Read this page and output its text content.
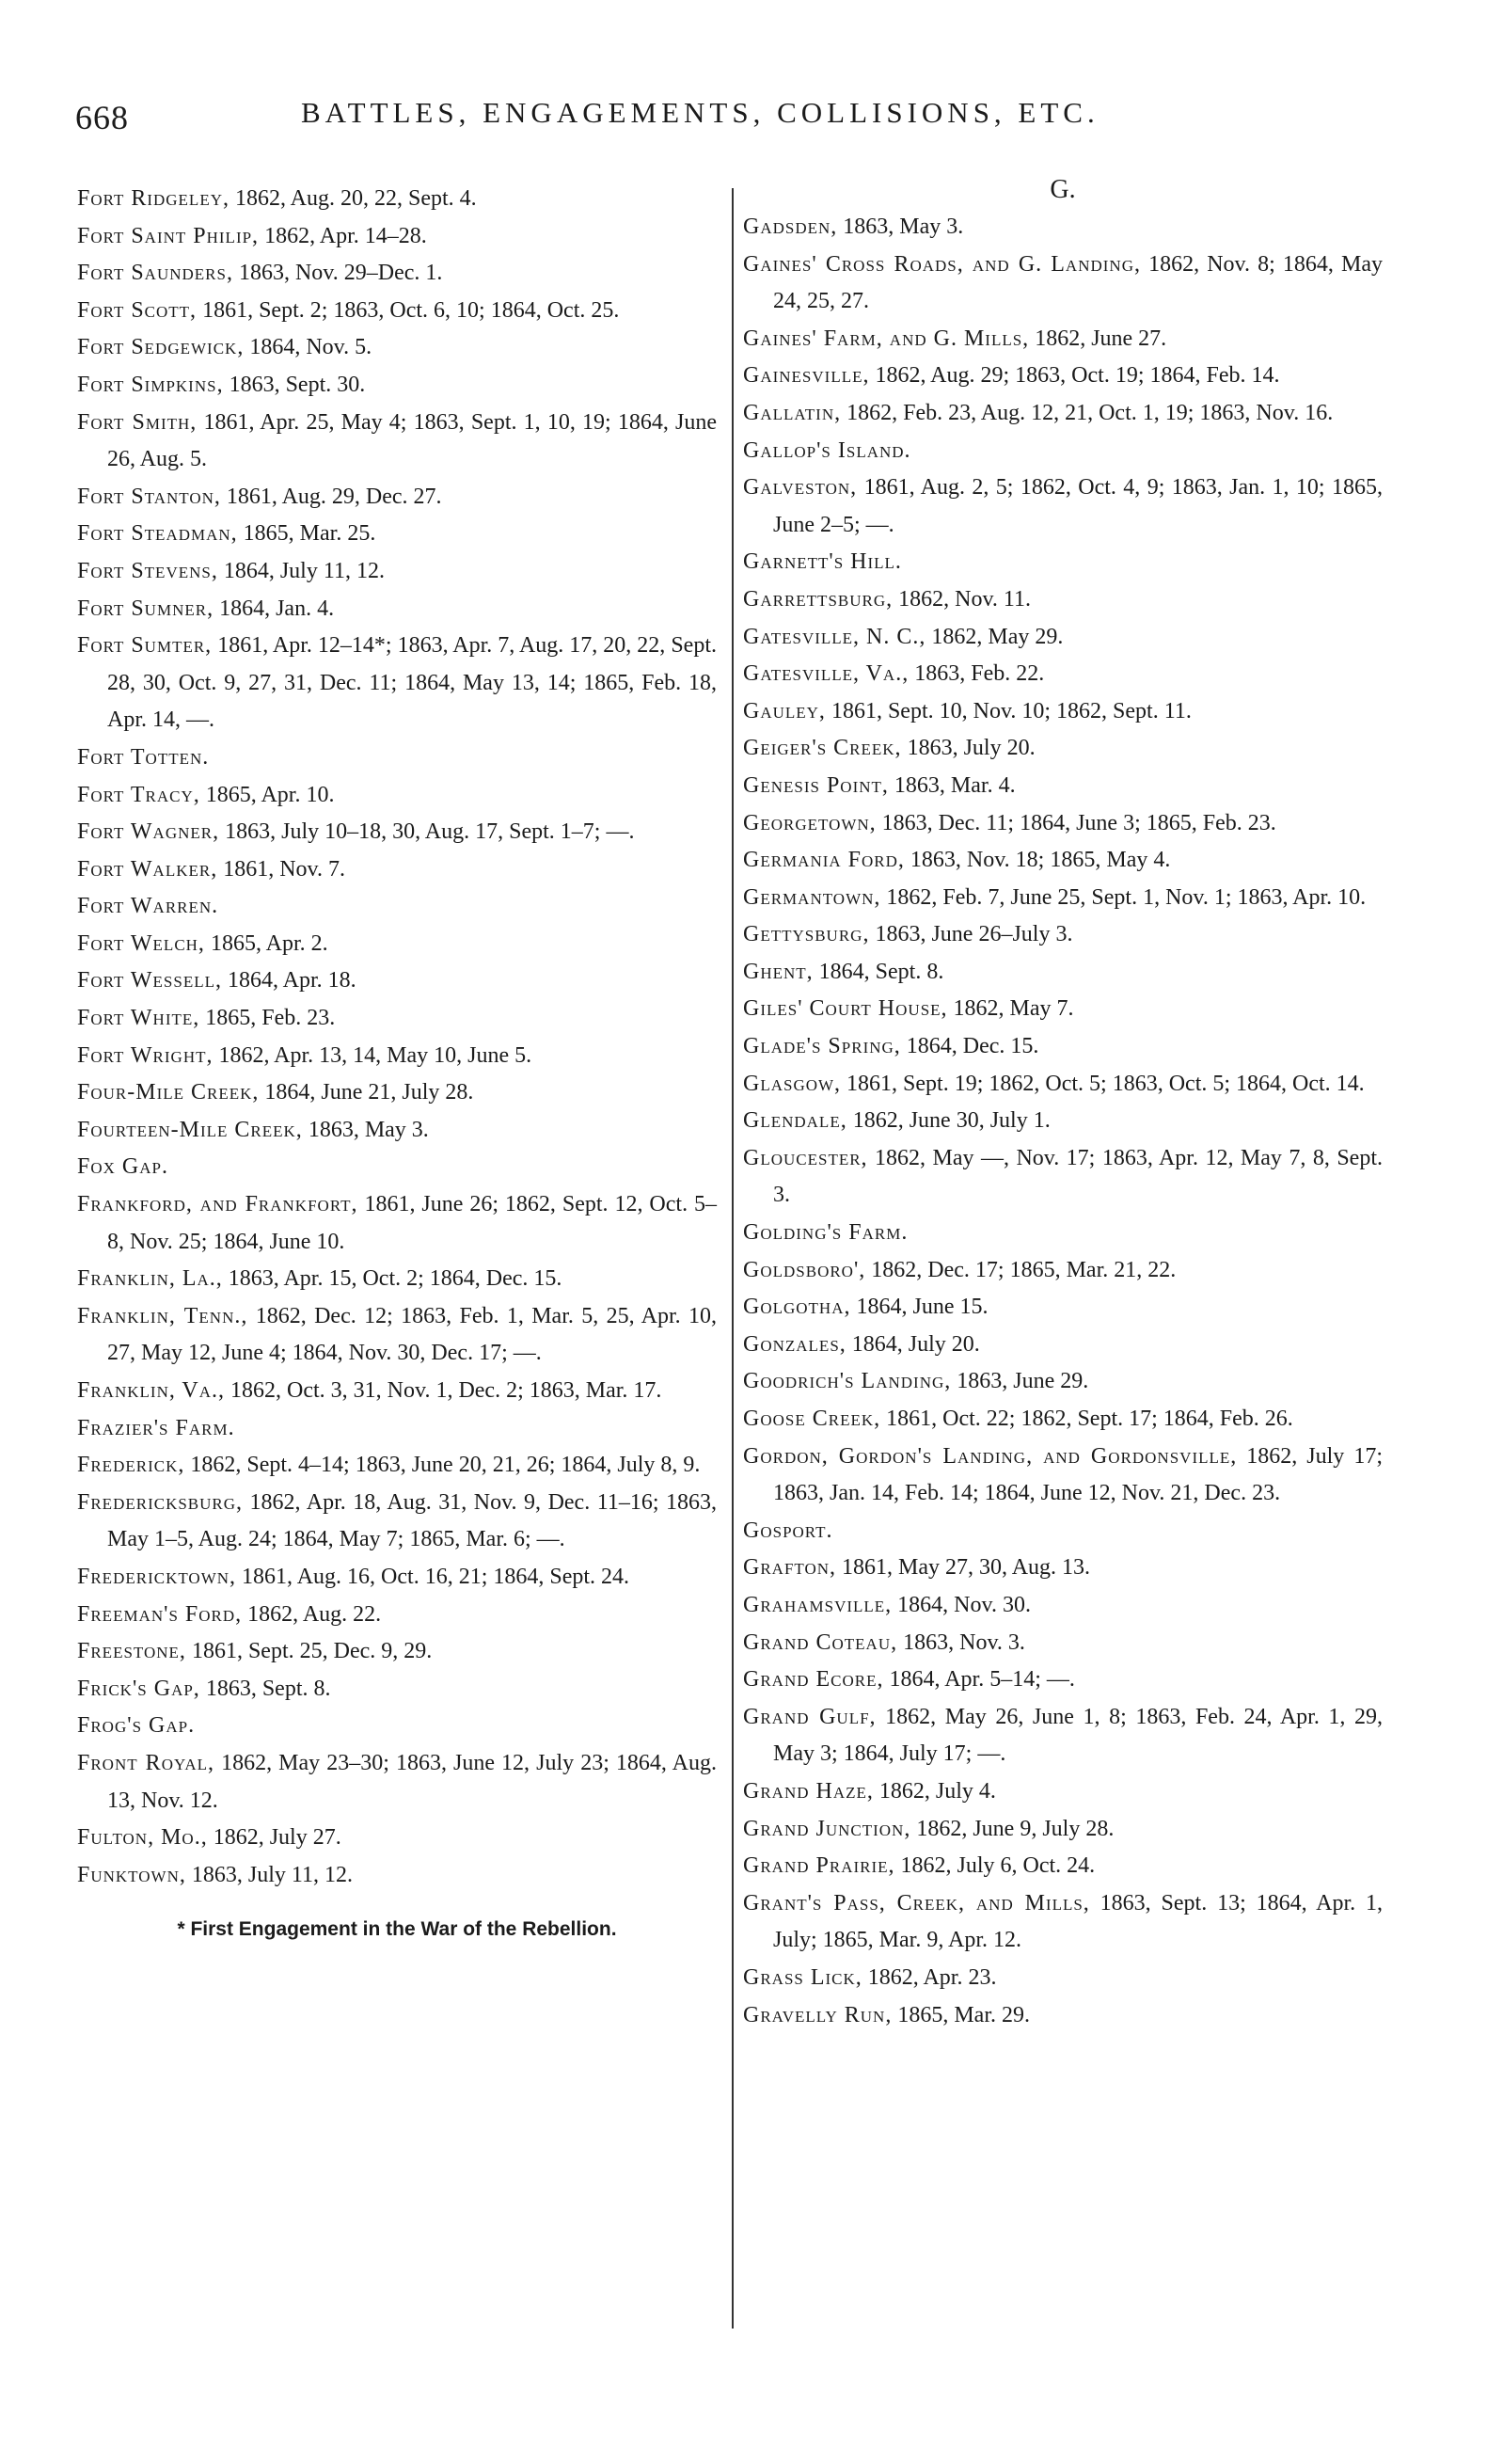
668	BATTLES, ENGAGEMENTS, COLLISIONS, ETC.
Fort Ridgeley, 1862, Aug. 20, 22, Sept. 4.
Fort Saint Philip, 1862, Apr. 14–28.
Fort Saunders, 1863, Nov. 29–Dec. 1.
Fort Scott, 1861, Sept. 2; 1863, Oct. 6, 10; 1864, Oct. 25.
Fort Sedgewick, 1864, Nov. 5.
Fort Simpkins, 1863, Sept. 30.
Fort Smith, 1861, Apr. 25, May 4; 1863, Sept. 1, 10, 19; 1864, June 26, Aug. 5.
Fort Stanton, 1861, Aug. 29, Dec. 27.
Fort Steadman, 1865, Mar. 25.
Fort Stevens, 1864, July 11, 12.
Fort Sumner, 1864, Jan. 4.
Fort Sumter, 1861, Apr. 12–14*; 1863, Apr. 7, Aug. 17, 20, 22, Sept. 28, 30, Oct. 9, 27, 31, Dec. 11; 1864, May 13, 14; 1865, Feb. 18, Apr. 14, —.
Fort Totten.
Fort Tracy, 1865, Apr. 10.
Fort Wagner, 1863, July 10–18, 30, Aug. 17, Sept. 1–7; —.
Fort Walker, 1861, Nov. 7.
Fort Warren.
Fort Welch, 1865, Apr. 2.
Fort Wessell, 1864, Apr. 18.
Fort White, 1865, Feb. 23.
Fort Wright, 1862, Apr. 13, 14, May 10, June 5.
Four-Mile Creek, 1864, June 21, July 28.
Fourteen-Mile Creek, 1863, May 3.
Fox Gap.
Frankford, and Frankfort, 1861, June 26; 1862, Sept. 12, Oct. 5–8, Nov. 25; 1864, June 10.
Franklin, La., 1863, Apr. 15, Oct. 2; 1864, Dec. 15.
Franklin, Tenn., 1862, Dec. 12; 1863, Feb. 1, Mar. 5, 25, Apr. 10, 27, May 12, June 4; 1864, Nov. 30, Dec. 17; —.
Franklin, Va., 1862, Oct. 3, 31, Nov. 1, Dec. 2; 1863, Mar. 17.
Frazier's Farm.
Frederick, 1862, Sept. 4–14; 1863, June 20, 21, 26; 1864, July 8, 9.
Fredericksburg, 1862, Apr. 18, Aug. 31, Nov. 9, Dec. 11–16; 1863, May 1–5, Aug. 24; 1864, May 7; 1865, Mar. 6; —.
Fredericktown, 1861, Aug. 16, Oct. 16, 21; 1864, Sept. 24.
Freeman's Ford, 1862, Aug. 22.
Freestone, 1861, Sept. 25, Dec. 9, 29.
Frick's Gap, 1863, Sept. 8.
Frog's Gap.
Front Royal, 1862, May 23–30; 1863, June 12, July 23; 1864, Aug. 13, Nov. 12.
Fulton, Mo., 1862, July 27.
Funktown, 1863, July 11, 12.
* First Engagement in the War of the Rebellion.
G.
Gadsden, 1863, May 3.
Gaines' Cross Roads, and G. Landing, 1862, Nov. 8; 1864, May 24, 25, 27.
Gaines' Farm, and G. Mills, 1862, June 27.
Gainesville, 1862, Aug. 29; 1863, Oct. 19; 1864, Feb. 14.
Gallatin, 1862, Feb. 23, Aug. 12, 21, Oct. 1, 19; 1863, Nov. 16.
Gallop's Island.
Galveston, 1861, Aug. 2, 5; 1862, Oct. 4, 9; 1863, Jan. 1, 10; 1865, June 2–5; —.
Garnett's Hill.
Garrettsburg, 1862, Nov. 11.
Gatesville, N. C., 1862, May 29.
Gatesville, Va., 1863, Feb. 22.
Gauley, 1861, Sept. 10, Nov. 10; 1862, Sept. 11.
Geiger's Creek, 1863, July 20.
Genesis Point, 1863, Mar. 4.
Georgetown, 1863, Dec. 11; 1864, June 3; 1865, Feb. 23.
Germania Ford, 1863, Nov. 18; 1865, May 4.
Germantown, 1862, Feb. 7, June 25, Sept. 1, Nov. 1; 1863, Apr. 10.
Gettysburg, 1863, June 26–July 3.
Ghent, 1864, Sept. 8.
Giles' Court House, 1862, May 7.
Glade's Spring, 1864, Dec. 15.
Glasgow, 1861, Sept. 19; 1862, Oct. 5; 1863, Oct. 5; 1864, Oct. 14.
Glendale, 1862, June 30, July 1.
Gloucester, 1862, May —, Nov. 17; 1863, Apr. 12, May 7, 8, Sept. 3.
Golding's Farm.
Goldsboro', 1862, Dec. 17; 1865, Mar. 21, 22.
Golgotha, 1864, June 15.
Gonzales, 1864, July 20.
Goodrich's Landing, 1863, June 29.
Goose Creek, 1861, Oct. 22; 1862, Sept. 17; 1864, Feb. 26.
Gordon, Gordon's Landing, and Gordonsville, 1862, July 17; 1863, Jan. 14, Feb. 14; 1864, June 12, Nov. 21, Dec. 23.
Gosport.
Grafton, 1861, May 27, 30, Aug. 13.
Grahamsville, 1864, Nov. 30.
Grand Coteau, 1863, Nov. 3.
Grand Ecore, 1864, Apr. 5–14; —.
Grand Gulf, 1862, May 26, June 1, 8; 1863, Feb. 24, Apr. 1, 29, May 3; 1864, July 17; —.
Grand Haze, 1862, July 4.
Grand Junction, 1862, June 9, July 28.
Grand Prairie, 1862, July 6, Oct. 24.
Grant's Pass, Creek, and Mills, 1863, Sept. 13; 1864, Apr. 1, July; 1865, Mar. 9, Apr. 12.
Grass Lick, 1862, Apr. 23.
Gravelly Run, 1865, Mar. 29.
